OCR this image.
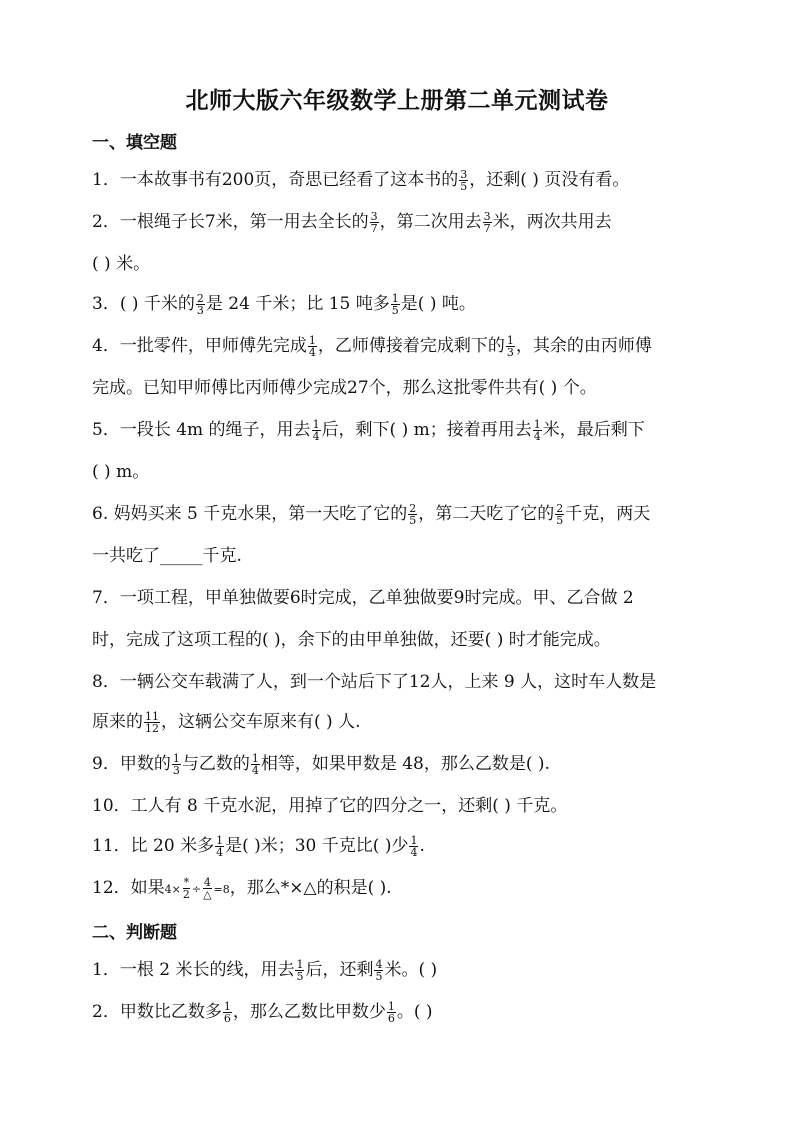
北师大版六年级数学上册第二单元测试卷
一、填空题
1．一本故事书有200页，奇思已经看了这本书的 $\frac{3}{5}$ ，还剩( ) 页没有看。
2．一根绳子长7米，第一用去全长的 $\frac{3}{7}$ ，第二次用去 $\frac{3}{7}$ 米，两次共用去
( ) 米。
3．( ) 千米的 $\frac{2}{3}$ 是 24 千米；比 15 吨多 $\frac{1}{5}$ 是( ) 吨。
4．一批零件，甲师傅先完成 $\frac{1}{4}$ ，乙师傅接着完成剩下的 $\frac{1}{3}$ ，其余的由丙师傅
完成。已知甲师傅比丙师傅少完成27个，那么这批零件共有( ) 个。
5．一段长 4m 的绳子，用去 $\frac{1}{4}$ 后，剩下( ) m；接着再用去 $\frac{1}{4}$ 米，最后剩下
( ) m。
6. 妈妈买来 5 千克水果，第一天吃了它的 $\frac{2}{5}$ ，第二天吃了它的 $\frac{2}{5}$ 千克，两天
一共吃了_____千克.
7．一项工程，甲单独做要6时完成，乙单独做要9时完成。甲、乙合做 2
时，完成了这项工程的( )，余下的由甲单独做，还要( ) 时才能完成。
8．一辆公交车载满了人，到一个站后下了12人，上来 9 人，这时车人数是
原来的 $\frac{11}{12}$ ，这辆公交车原来有( ) 人.
9．甲数的 $\frac{1}{3}$ 与乙数的 $\frac{1}{4}$ 相等，如果甲数是 48，那么乙数是( ).
10．工人有 8 千克水泥，用掉了它的四分之一，还剩( ) 千克。
11．比 20 米多 $\frac{1}{4}$ 是( )米；30 千克比( )少 $\frac{1}{4}$ .
12．如果$4\times \frac{*}{2} \div \frac{4}{\triangle} =8$，那么*×△的积是( ).
二、判断题
1．一根 2 米长的线，用去 $\frac{1}{5}$ 后，还剩 $\frac{4}{5}$ 米。( )
2．甲数比乙数多 $\frac{1}{6}$ ，那么乙数比甲数少 $\frac{1}{6}$ 。( )
